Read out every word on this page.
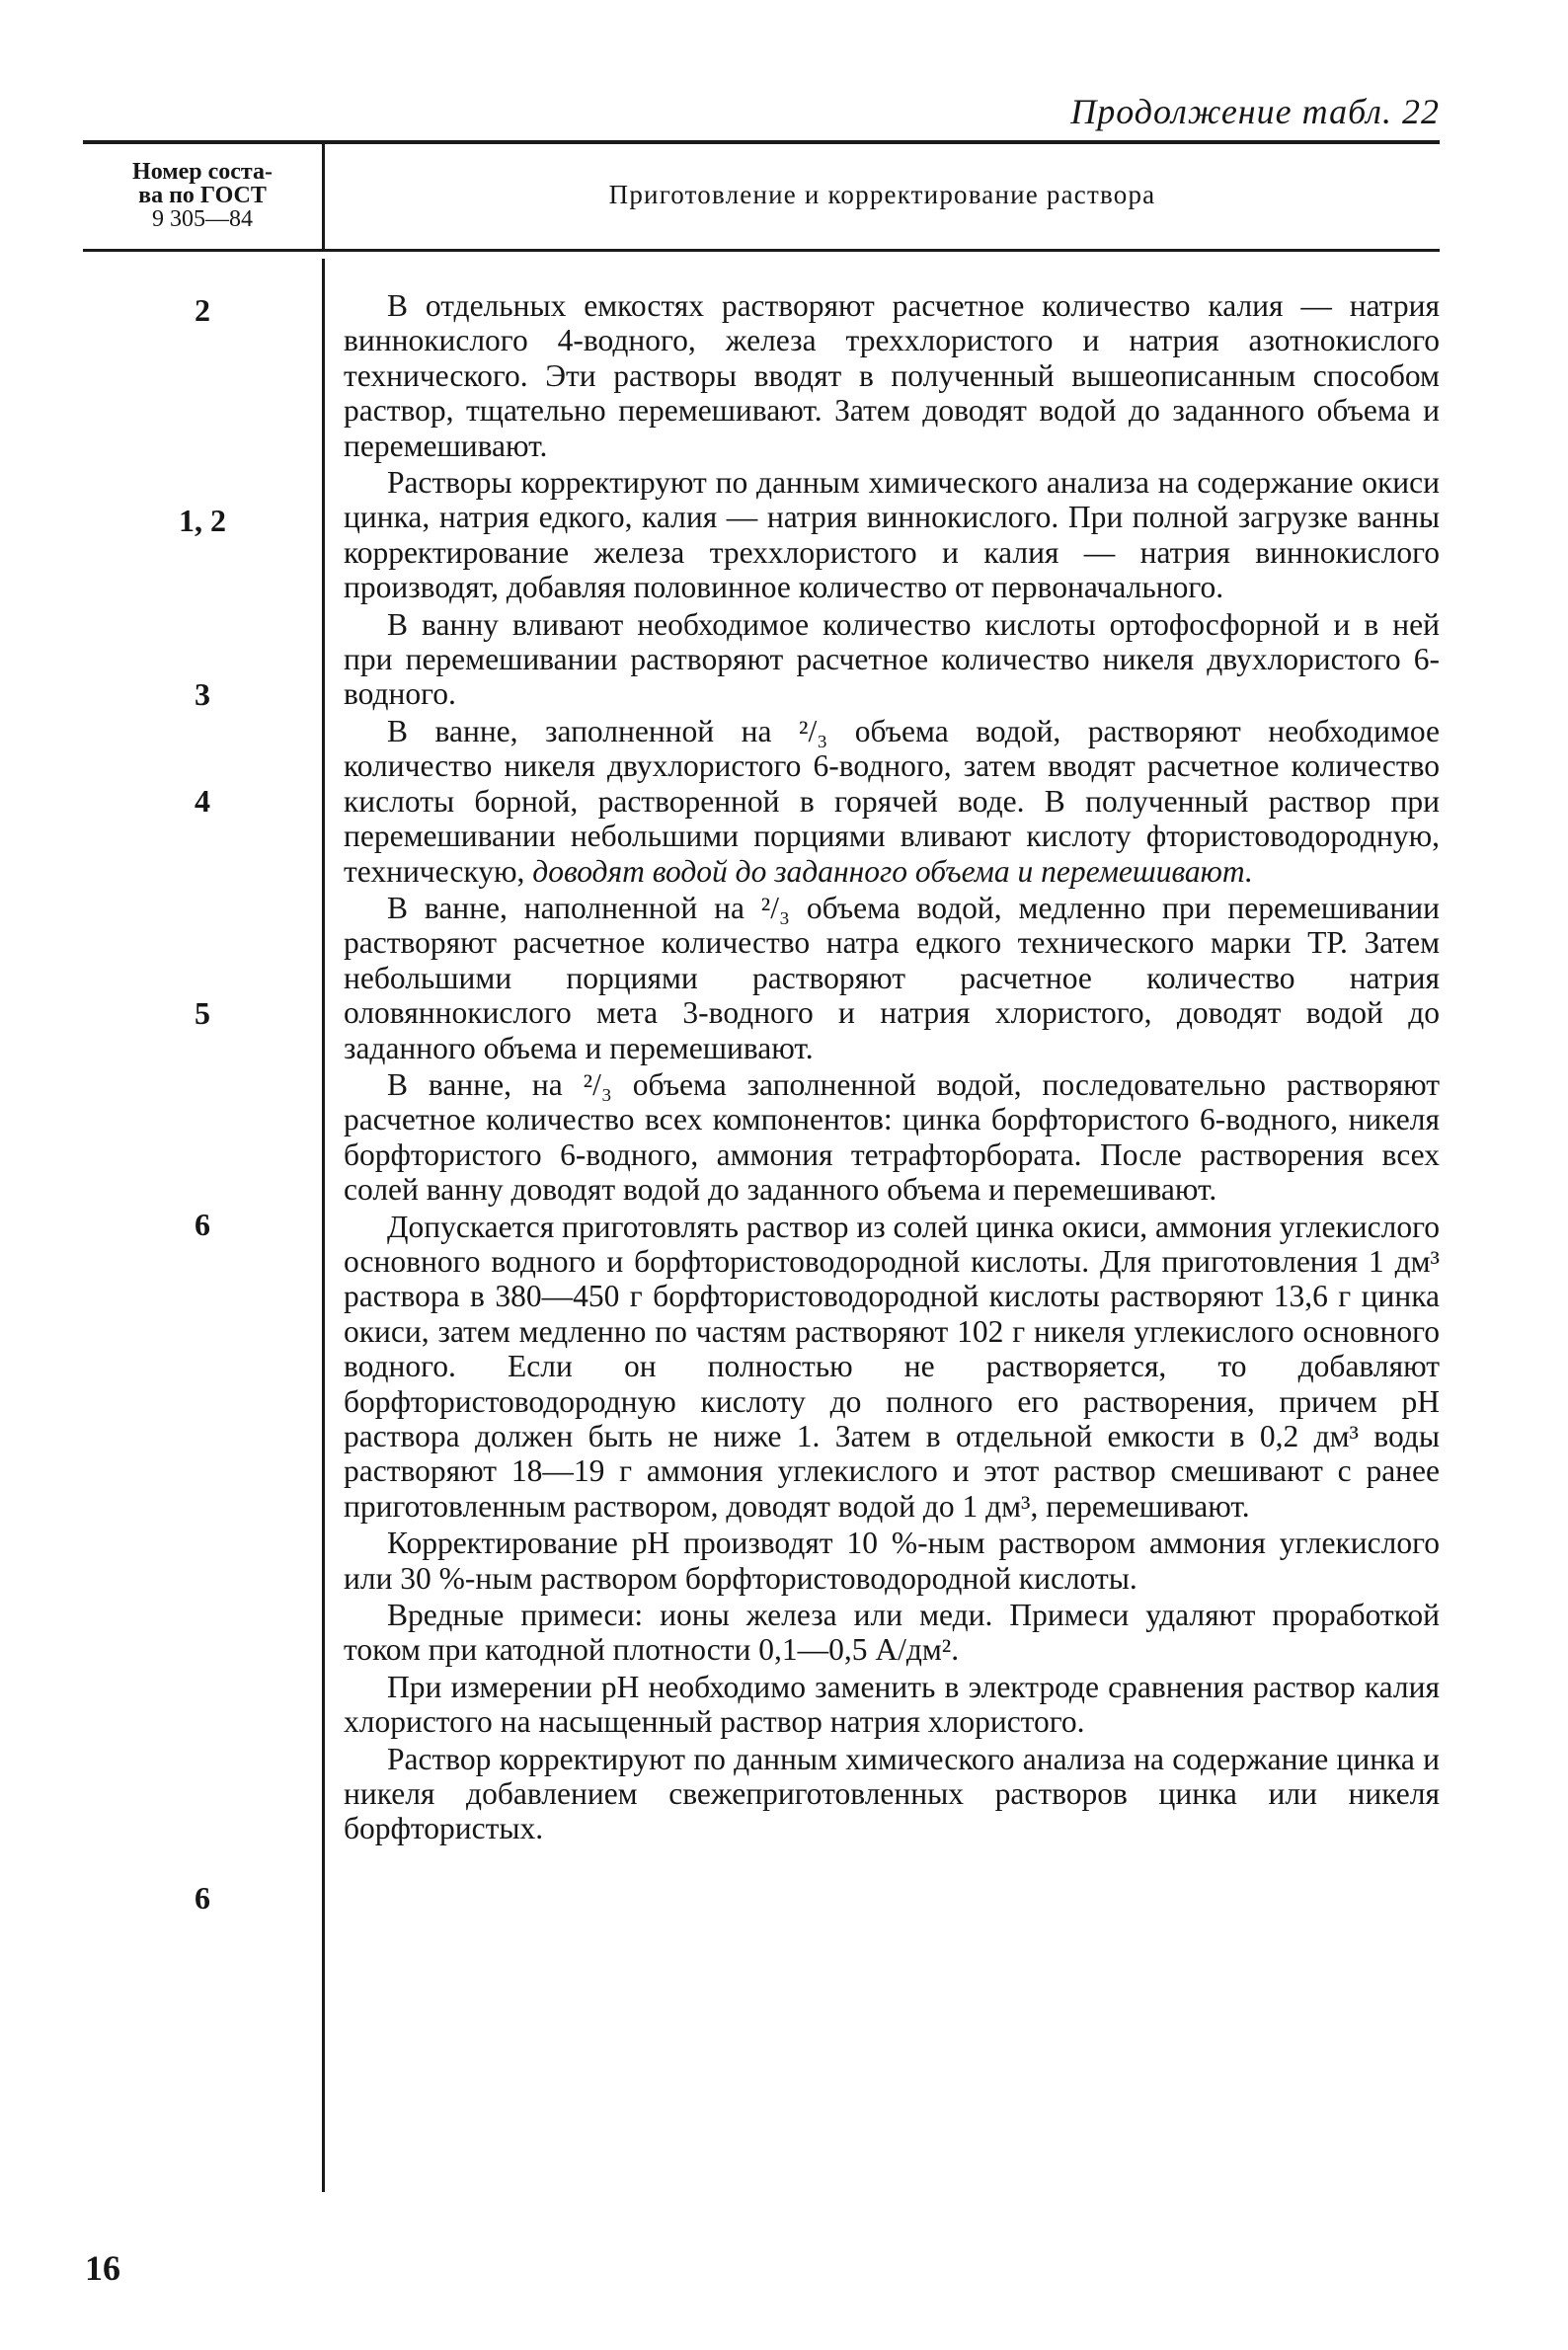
Продолжение табл. 22
Номер соста-
ва по ГОСТ
9 305—84
Приготовление и корректирование раствора
2
1, 2
3
4
5
6
6

В отдельных емкостях растворяют расчетное количество калия — натрия виннокислого 4-водного, железа треххлористого и натрия азотнокислого технического. Эти растворы вводят в полученный вышеописанным способом раствор, тщательно перемешивают. Затем доводят водой до заданного объема и перемешивают.

Растворы корректируют по данным химического анализа на содержание окиси цинка, натрия едкого, калия — натрия виннокислого. При полной загрузке ванны корректирование железа треххлористого и калия — натрия виннокислого производят, добавляя половинное количество от первоначального.

В ванну вливают необходимое количество кислоты ортофосфорной и в ней при перемешивании растворяют расчетное количество никеля двухлористого 6-водного.

В ванне, заполненной на ²/₃ объема водой, растворяют необходимое количество никеля двухлористого 6-водного, затем вводят расчетное количество кислоты борной, растворенной в горячей воде. В полученный раствор при перемешивании небольшими порциями вливают кислоту фтористоводородную, техническую, доводят водой до заданного объема и перемешивают.

В ванне, наполненной на ²/₃ объема водой, медленно при перемешивании растворяют расчетное количество натра едкого технического марки ТР. Затем небольшими порциями растворяют расчетное количество натрия оловяннокислого мета 3-водного и натрия хлористого, доводят водой до заданного объема и перемешивают.

В ванне, на ²/₃ объема заполненной водой, последовательно растворяют расчетное количество всех компонентов: цинка борфтористого 6-водного, никеля борфтористого 6-водного, аммония тетрафторбората. После растворения всех солей ванну доводят водой до заданного объема и перемешивают.

Допускается приготовлять раствор из солей цинка окиси, аммония углекислого основного водного и борфтористоводородной кислоты. Для приготовления 1 дм³ раствора в 380—450 г борфтористоводородной кислоты растворяют 13,6 г цинка окиси, затем медленно по частям растворяют 102 г никеля углекислого основного водного. Если он полностью не растворяется, то добавляют борфтористоводородную кислоту до полного его растворения, причем pH раствора должен быть не ниже 1. Затем в отдельной емкости в 0,2 дм³ воды растворяют 18—19 г аммония углекислого и этот раствор смешивают с ранее приготовленным раствором, доводят водой до 1 дм³, перемешивают.

Корректирование pH производят 10 %-ным раствором аммония углекислого или 30 %-ным раствором борфтористоводородной кислоты.

Вредные примеси: ионы железа или меди. Примеси удаляют проработкой током при катодной плотности 0,1—0,5 А/дм².

При измерении pH необходимо заменить в электроде сравнения раствор калия хлористого на насыщенный раствор натрия хлористого.

Раствор корректируют по данным химического анализа на содержание цинка и никеля добавлением свежеприготовленных растворов цинка или никеля борфтористых.

16
